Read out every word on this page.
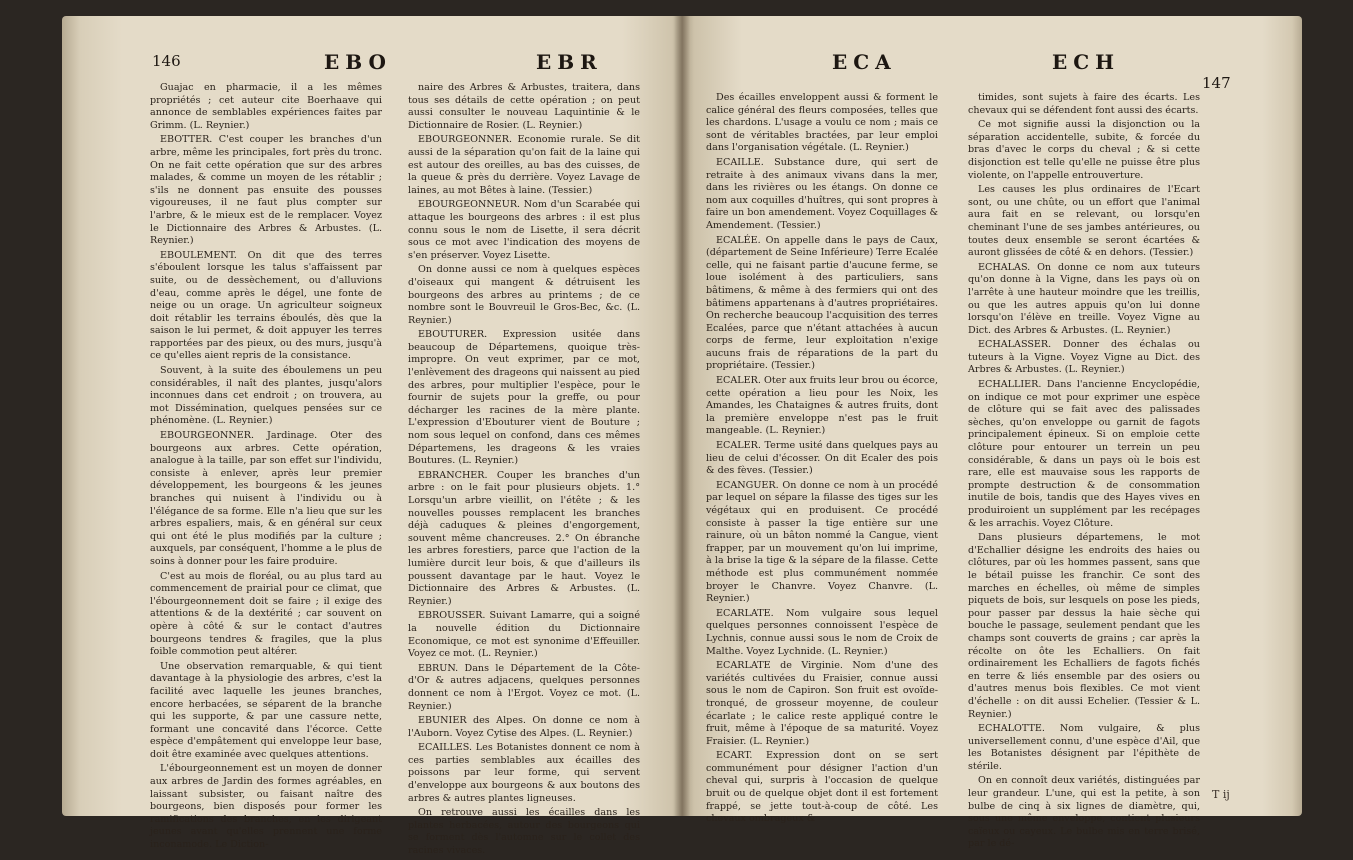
146	EBO	EBR

Guajac en pharmacie, il a les mêmes propriétés ; cet auteur cite Boerhaave qui annonce de semblables expériences faites par Grimm. (L. Reynier.)

EBOTTER. C'est couper les branches d'un arbre, même les principales, fort près du tronc. On ne fait cette opération que sur des arbres malades, & comme un moyen de les rétablir ; s'ils ne donnent pas ensuite des pousses vigoureuses, il ne faut plus compter sur l'arbre, & le mieux est de le remplacer. Voyez le Dictionnaire des Arbres & Arbustes. (L. Reynier.)

EBOULEMENT. On dit que des terres s'éboulent lorsque les talus s'affaissent par suite, ou de dessèchement, ou d'alluvions d'eau, comme après le dégel, une fonte de neige ou un orage. Un agriculteur soigneux doit rétablir les terrains éboulés, dès que la saison le lui permet, & doit appuyer les terres rapportées par des pieux, ou des murs, jusqu'à ce qu'elles aient repris de la consistance.

Souvent, à la suite des éboulemens un peu considérables, il naît des plantes, jusqu'alors inconnues dans cet endroit ; on trouvera, au mot Dissémination, quelques pensées sur ce phénomène. (L. Reynier.)

EBOURGEONNER. Jardinage. Oter des bourgeons aux arbres. Cette opération, analogue à la taille, par son effet sur l'individu, consiste à enlever, après leur premier développement, les bourgeons & les jeunes branches qui nuisent à l'individu ou à l'élégance de sa forme. Elle n'a lieu que sur les arbres espaliers, mais, & en général sur ceux qui ont été le plus modifiés par la culture ; auxquels, par conséquent, l'homme a le plus de soins à donner pour les faire produire.

C'est au mois de floréal, ou au plus tard au commencement de prairial pour ce climat, que l'ébourgeonnement doit se faire ; il exige des attentions & de la dextérité ; car souvent on opère à côté & sur le contact d'autres bourgeons tendres & fragiles, que la plus foible commotion peut altérer.

Une observation remarquable, & qui tient davantage à la physiologie des arbres, c'est la facilité avec laquelle les jeunes branches, encore herbacées, se séparent de la branche qui les supporte, & par une cassure nette, formant une concavité dans l'écorce. Cette espèce d'empâtement qui enveloppe leur base, doit être examinée avec quelques attentions.

L'ébourgeonnement est un moyen de donner aux arbres de Jardin des formes agréables, en laissant subsister, ou faisant naître des bourgeons, bien disposés pour former les ramifications des branches, en les dirigeant jeunes avant qu'elles prennent une forme inconamode. Le Diction-

naire des Arbres & Arbustes, traitera, dans tous ses détails de cette opération ; on peut aussi consulter le nouveau Laquintinie & le Dictionnaire de Rosier. (L. Reynier.)

EBOURGEONNER. Economie rurale. Se dit aussi de la séparation qu'on fait de la laine qui est autour des oreilles, au bas des cuisses, de la queue & près du derrière. Voyez Lavage de laines, au mot Bêtes à laine. (Tessier.)

EBOURGEONNEUR. Nom d'un Scarabée qui attaque les bourgeons des arbres : il est plus connu sous le nom de Lisette, il sera décrit sous ce mot avec l'indication des moyens de s'en préserver. Voyez Lisette.

On donne aussi ce nom à quelques espèces d'oiseaux qui mangent & détruisent les bourgeons des arbres au printems ; de ce nombre sont le Bouvreuil le Gros-Bec, &c. (L. Reynier.)

EBOUTURER. Expression usitée dans beaucoup de Départemens, quoique très-impropre. On veut exprimer, par ce mot, l'enlèvement des drageons qui naissent au pied des arbres, pour multiplier l'espèce, pour le fournir de sujets pour la greffe, ou pour décharger les racines de la mère plante. L'expression d'Ebouturer vient de Bouture ; nom sous lequel on confond, dans ces mêmes Départemens, les drageons & les vraies Boutures. (L. Reynier.)

EBRANCHER. Couper les branches d'un arbre : on le fait pour plusieurs objets. 1.° Lorsqu'un arbre vieillit, on l'étête ; & les nouvelles pousses remplacent les branches déjà caduques & pleines d'engorgement, souvent même chancreuses. 2.° On ébranche les arbres forestiers, parce que l'action de la lumière durcit leur bois, & que d'ailleurs ils poussent davantage par le haut. Voyez le Dictionnaire des Arbres & Arbustes. (L. Reynier.)

EBROUSSER. Suivant Lamarre, qui a soigné la nouvelle édition du Dictionnaire Economique, ce mot est synonime d'Effeuiller. Voyez ce mot. (L. Reynier.)

EBRUN. Dans le Département de la Côte-d'Or & autres adjacens, quelques personnes donnent ce nom à l'Ergot. Voyez ce mot. (L. Reynier.)

EBUNIER des Alpes. On donne ce nom à l'Auborn. Voyez Cytise des Alpes. (L. Reynier.)

ECAILLES. Les Botanistes donnent ce nom à ces parties semblables aux écailles des poissons par leur forme, qui servent d'enveloppe aux bourgeons & aux boutons des arbres & autres plantes ligneuses.

On retrouve aussi les écailles dans les plantes herbacées, autour des bourgeons qui se forment dès l'automne sur le collet des racines vivaces.

ECA	ECH
147

Des écailles enveloppent aussi & forment le calice général des fleurs composées, telles que les chardons. L'usage a voulu ce nom ; mais ce sont de véritables bractées, par leur emploi dans l'organisation végétale. (L. Reynier.)

ECAILLE. Substance dure, qui sert de retraite à des animaux vivans dans la mer, dans les rivières ou les étangs. On donne ce nom aux coquilles d'huîtres, qui sont propres à faire un bon amendement. Voyez Coquillages & Amendement. (Tessier.)

ECALÉE. On appelle dans le pays de Caux, (département de Seine Inférieure) Terre Ecalée celle, qui ne faisant partie d'aucune ferme, se loue isolément à des particuliers, sans bâtimens, & même à des fermiers qui ont des bâtimens appartenans à d'autres propriétaires. On recherche beaucoup l'acquisition des terres Ecalées, parce que n'étant attachées à aucun corps de ferme, leur exploitation n'exige aucuns frais de réparations de la part du propriétaire. (Tessier.)

ECALER. Oter aux fruits leur brou ou écorce, cette opération a lieu pour les Noix, les Amandes, les Chataignes & autres fruits, dont la première enveloppe n'est pas le fruit mangeable. (L. Reynier.)

ECALER. Terme usité dans quelques pays au lieu de celui d'écosser. On dit Ecaler des pois & des fèves. (Tessier.)

ECANGUER. On donne ce nom à un procédé par lequel on sépare la filasse des tiges sur les végétaux qui en produisent. Ce procédé consiste à passer la tige entière sur une rainure, où un bâton nommé la Cangue, vient frapper, par un mouvement qu'on lui imprime, à la brise la tige & la sépare de la filasse. Cette méthode est plus communément nommée broyer le Chanvre. Voyez Chanvre. (L. Reynier.)

ECARLATE. Nom vulgaire sous lequel quelques personnes connoissent l'espèce de Lychnis, connue aussi sous le nom de Croix de Malthe. Voyez Lychnide. (L. Reynier.)

ECARLATE de Virginie. Nom d'une des variétés cultivées du Fraisier, connue aussi sous le nom de Capiron. Son fruit est ovoïde-tronqué, de grosseur moyenne, de couleur écarlate ; le calice reste appliqué contre le fruit, même à l'époque de sa maturité. Voyez Fraisier. (L. Reynier.)

ECART. Expression dont on se sert communément pour désigner l'action d'un cheval qui, surpris à l'occasion de quelque bruit ou de quelque objet dont il est fortement frappé, se jette tout-à-coup de côté. Les chevaux ombrageux &

timides, sont sujets à faire des écarts. Les chevaux qui se défendent font aussi des écarts.

Ce mot signifie aussi la disjonction ou la séparation accidentelle, subite, & forcée du bras d'avec le corps du cheval ; & si cette disjonction est telle qu'elle ne puisse être plus violente, on l'appelle entrouverture.

Les causes les plus ordinaires de l'Ecart sont, ou une chûte, ou un effort que l'animal aura fait en se relevant, ou lorsqu'en cheminant l'une de ses jambes antérieures, ou toutes deux ensemble se seront écartées & auront glissées de côté & en dehors. (Tessier.)

ECHALAS. On donne ce nom aux tuteurs qu'on donne à la Vigne, dans les pays où on l'arrête à une hauteur moindre que les treillis, ou que les autres appuis qu'on lui donne lorsqu'on l'élève en treille. Voyez Vigne au Dict. des Arbres & Arbustes. (L. Reynier.)

ECHALASSER. Donner des échalas ou tuteurs à la Vigne. Voyez Vigne au Dict. des Arbres & Arbustes. (L. Reynier.)

ECHALLIER. Dans l'ancienne Encyclopédie, on indique ce mot pour exprimer une espèce de clôture qui se fait avec des palissades sèches, qu'on enveloppe ou garnit de fagots principalement épineux. Si on emploie cette clôture pour entourer un terrein un peu considérable, & dans un pays où le bois est rare, elle est mauvaise sous les rapports de prompte destruction & de consommation inutile de bois, tandis que des Hayes vives en produiroient un supplément par les recépages & les arrachis. Voyez Clôture.

Dans plusieurs départemens, le mot d'Echallier désigne les endroits des haies ou clôtures, par où les hommes passent, sans que le bétail puisse les franchir. Ce sont des marches en échelles, où même de simples piquets de bois, sur lesquels on pose les pieds, pour passer par dessus la haie sèche qui bouche le passage, seulement pendant que les champs sont couverts de grains ; car après la récolte on ôte les Echalliers. On fait ordinairement les Echalliers de fagots fichés en terre & liés ensemble par des osiers ou d'autres menus bois flexibles. Ce mot vient d'échelle : on dit aussi Echelier. (Tessier & L. Reynier.)

ECHALOTTE. Nom vulgaire, & plus universellement connu, d'une espèce d'Ail, que les Botanistes désignent par l'épithète de stérile.

On en connoît deux variétés, distinguées par leur grandeur. L'une, qui est la petite, à son bulbe de cinq à six lignes de diamètre, qui, sous une même enveloppe, contient plusieurs caïeux ou cayeux. Le bulbe mis en terre brisé, par le dé-

T ij
